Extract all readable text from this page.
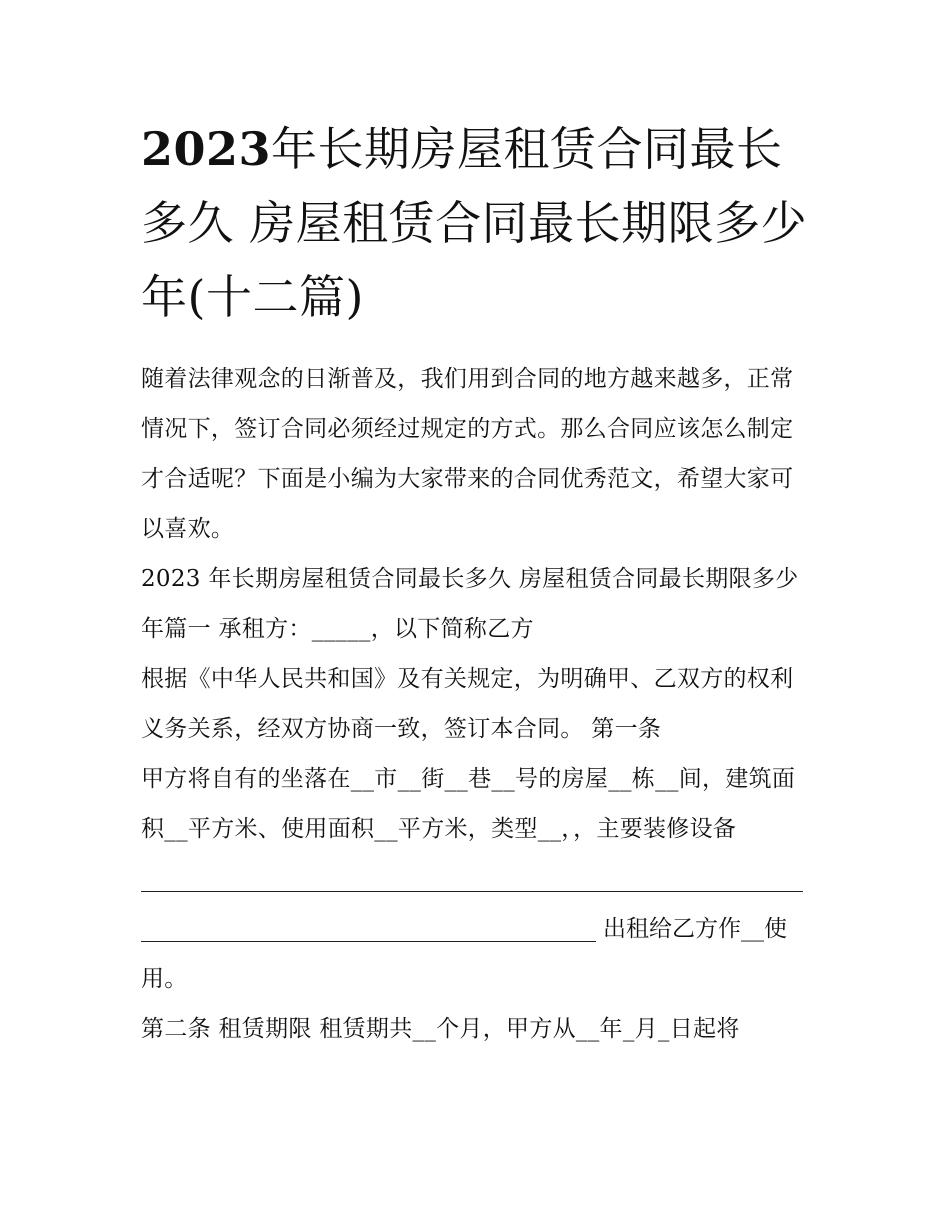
2023年长期房屋租赁合同最长多久 房屋租赁合同最长期限多少年(十二篇)

随着法律观念的日渐普及，我们用到合同的地方越来越多，正常情况下，签订合同必须经过规定的方式。那么合同应该怎么制定才合适呢？下面是小编为大家带来的合同优秀范文，希望大家可以喜欢。

2023 年长期房屋租赁合同最长多久 房屋租赁合同最长期限多少年篇一 承租方：_____，以下简称乙方

根据《中华人民共和国》及有关规定，为明确甲、乙双方的权利义务关系，经双方协商一致，签订本合同。 第一条

甲方将自有的坐落在__市__街__巷__号的房屋__栋__间，建筑面积__平方米、使用面积__平方米，类型__，，主要装修设备

出租给乙方作__使

用。

第二条 租赁期限 租赁期共__个月，甲方从__年_月_日起将
